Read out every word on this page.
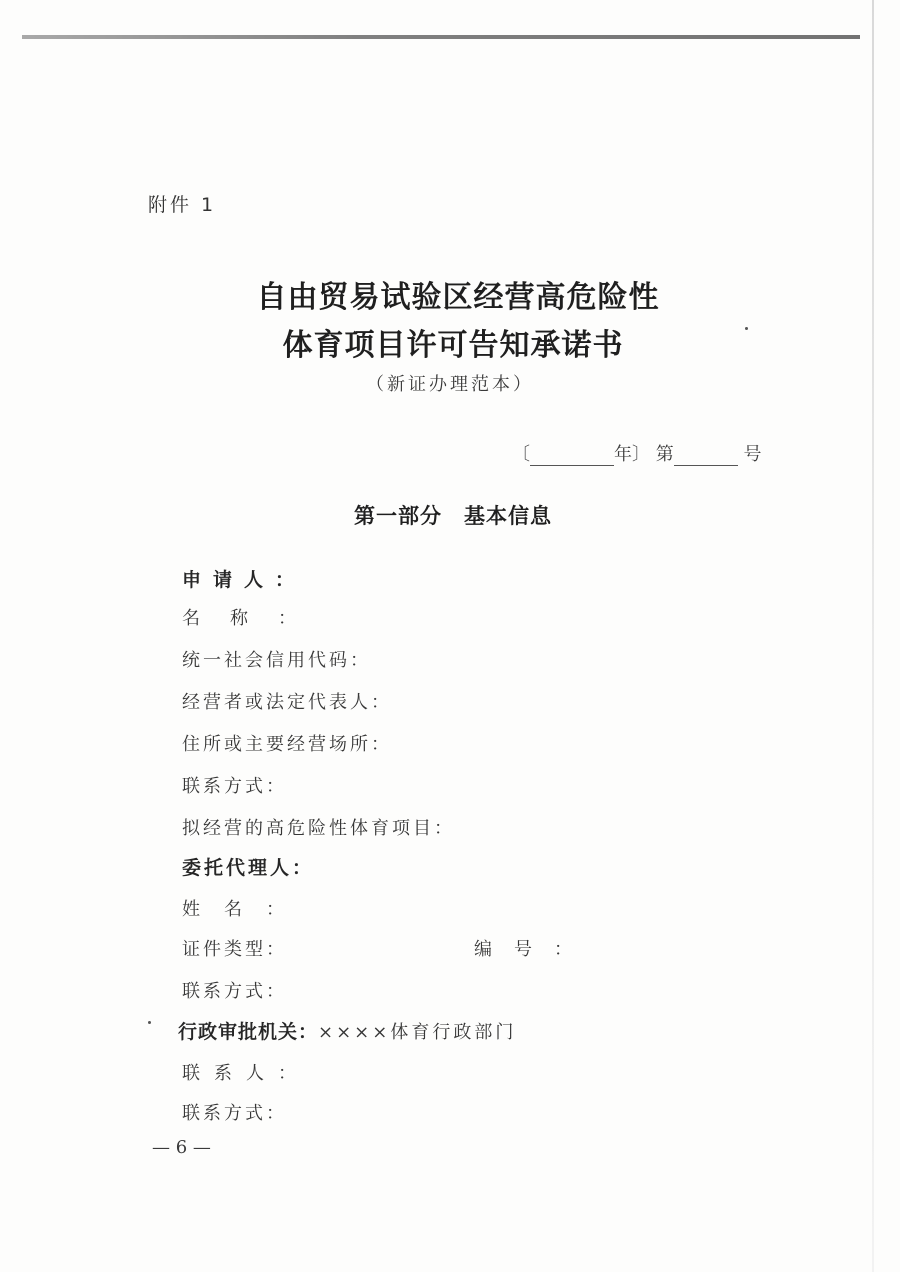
附件 1
自由贸易试验区经营高危险性
体育项目许可告知承诺书
（新证办理范本）
〔	年〕 第	号
第一部分 基本信息
申请人：
名称：
统一社会信用代码：
经营者或法定代表人：
住所或主要经营场所：
联系方式：
拟经营的高危险性体育项目：
委托代理人：
姓名：
证件类型：	编号：
联系方式：
行政审批机关：××××体育行政部门
联系人：
联系方式：
— 6 —
